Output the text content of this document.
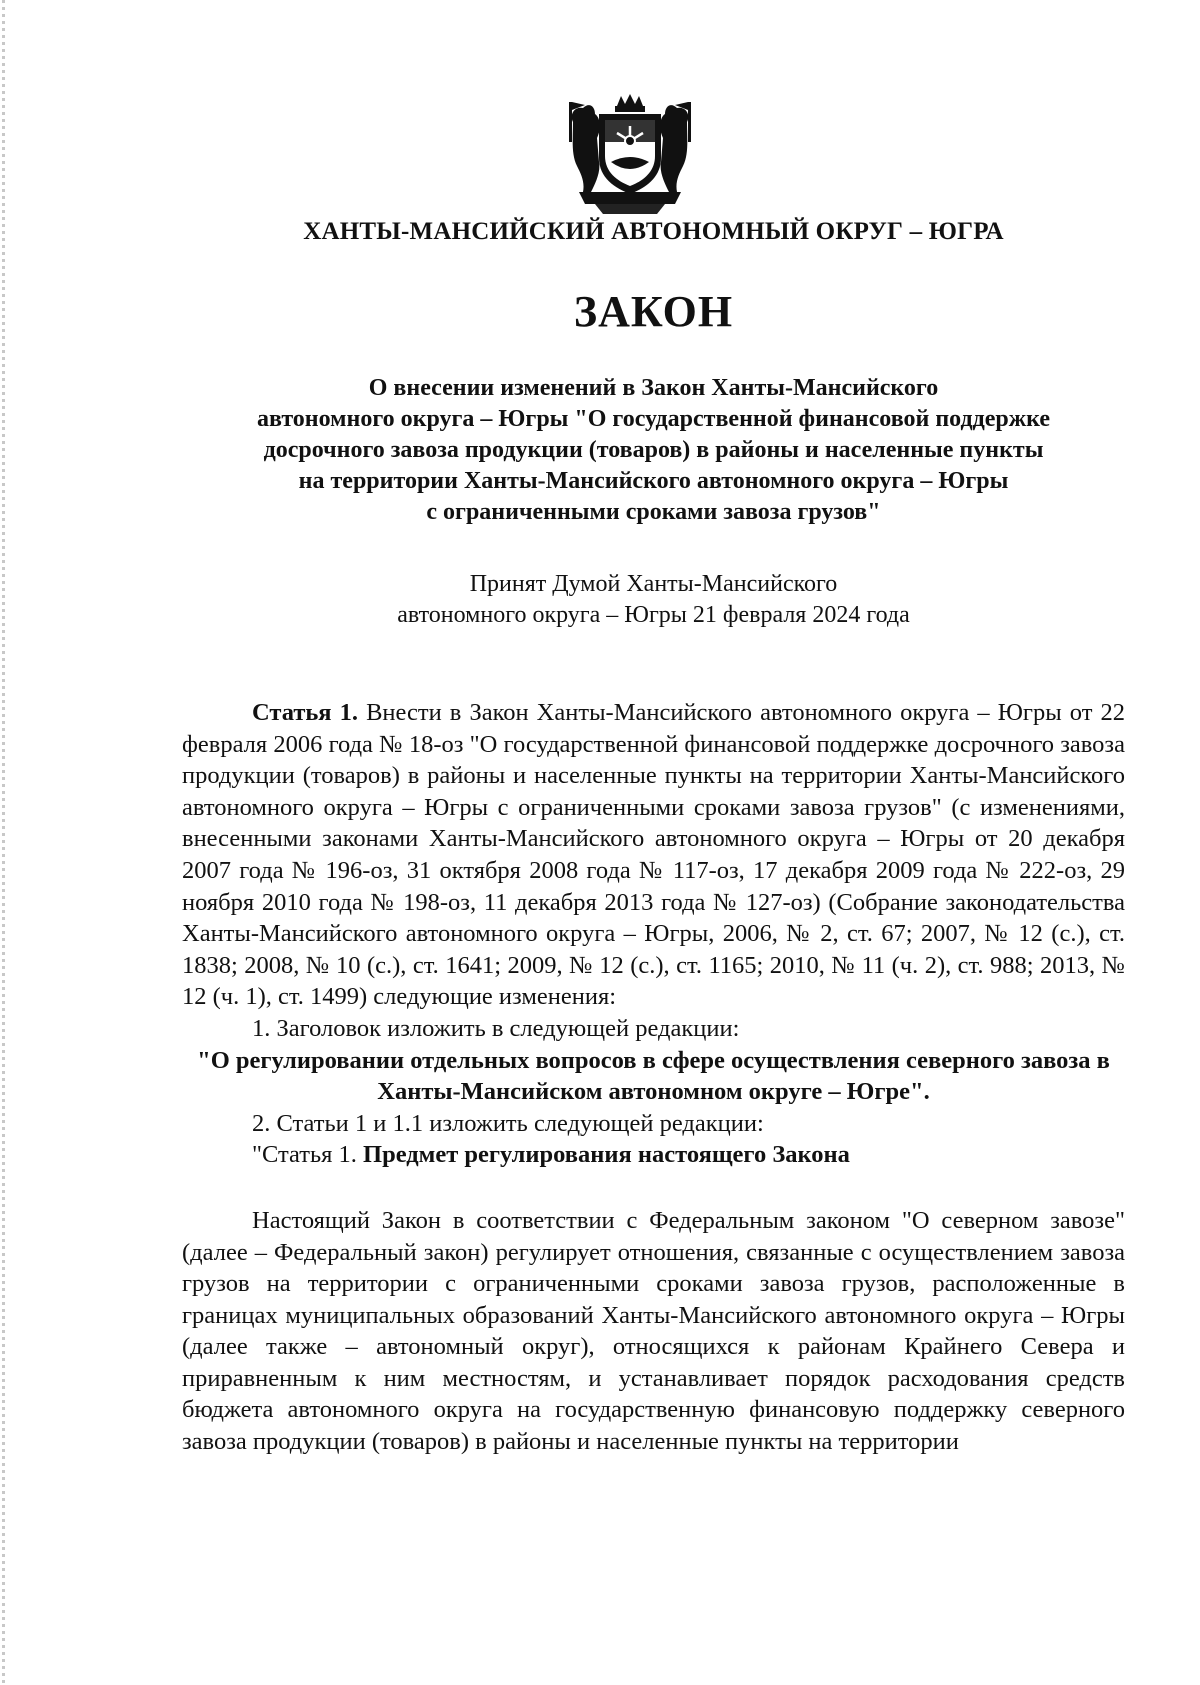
ХАНТЫ-МАНСИЙСКИЙ АВТОНОМНЫЙ ОКРУГ – ЮГРА
ЗАКОН
О внесении изменений в Закон Ханты-Мансийского
автономного округа – Югры "О государственной финансовой поддержке
досрочного завоза продукции (товаров) в районы и населенные пункты
на территории Ханты-Мансийского автономного округа – Югры
с ограниченными сроками завоза грузов"
Принят Думой Ханты-Мансийского
автономного округа – Югры 21 февраля 2024 года

Статья 1. Внести в Закон Ханты-Мансийского автономного округа – Югры от 22 февраля 2006 года № 18-оз "О государственной финансовой поддержке досрочного завоза продукции (товаров) в районы и населенные пункты на территории Ханты-Мансийского автономного округа – Югры с ограниченными сроками завоза грузов" (с изменениями, внесенными законами Ханты-Мансийского автономного округа – Югры от 20 декабря 2007 года № 196-оз, 31 октября 2008 года № 117-оз, 17 декабря 2009 года № 222-оз, 29 ноября 2010 года № 198-оз, 11 декабря 2013 года № 127-оз) (Собрание законодательства Ханты-Мансийского автономного округа – Югры, 2006, № 2, ст. 67; 2007, № 12 (с.), ст. 1838; 2008, № 10 (с.), ст. 1641; 2009, № 12 (с.), ст. 1165; 2010, № 11 (ч. 2), ст. 988; 2013, № 12 (ч. 1), ст. 1499) следующие изменения:

1. Заголовок изложить в следующей редакции:

"О регулировании отдельных вопросов в сфере осуществления северного завоза в Ханты-Мансийском автономном округе – Югре".

2. Статьи 1 и 1.1 изложить следующей редакции:

"Статья 1. Предмет регулирования настоящего Закона

Настоящий Закон в соответствии с Федеральным законом "О северном завозе" (далее – Федеральный закон) регулирует отношения, связанные с осуществлением завоза грузов на территории с ограниченными сроками завоза грузов, расположенные в границах муниципальных образований Ханты-Мансийского автономного округа – Югры (далее также – автономный округ), относящихся к районам Крайнего Севера и приравненным к ним местностям, и устанавливает порядок расходования средств бюджета автономного округа на государственную финансовую поддержку северного завоза продукции (товаров) в районы и населенные пункты на территории
